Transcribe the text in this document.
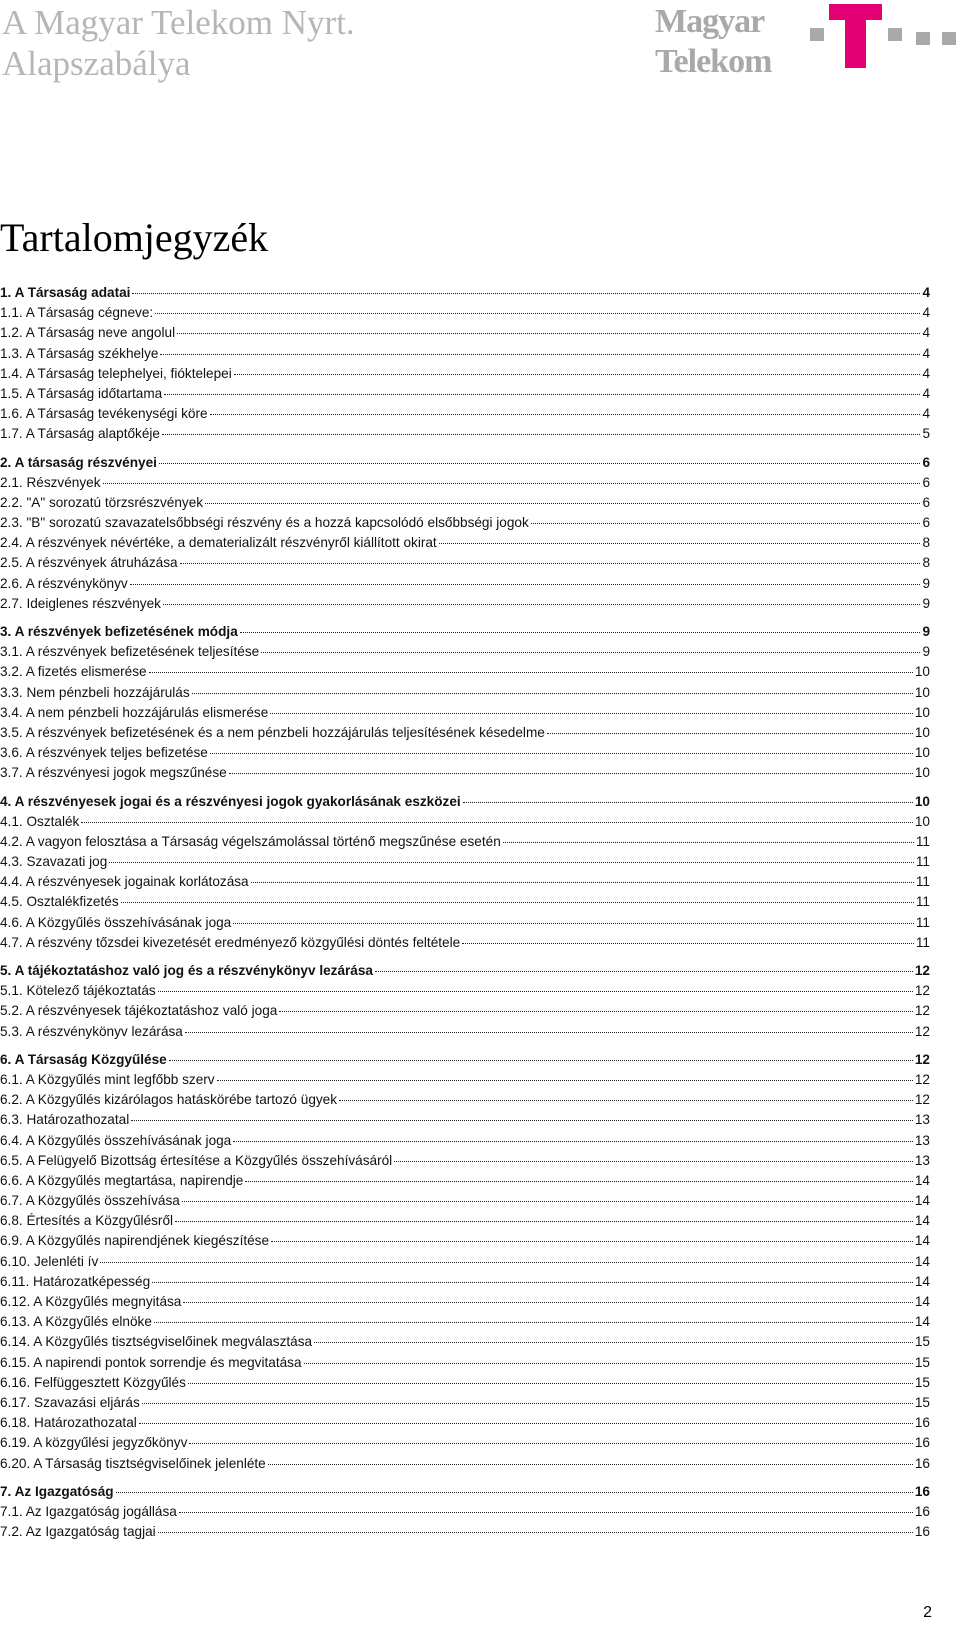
A Magyar Telekom Nyrt.
Alapszabálya
Magyar
Telekom
Tartalomjegyzék
1. A Társaság adatai	4
1.1. A Társaság cégneve:	4
1.2. A Társaság neve angolul	4
1.3. A Társaság székhelye	4
1.4. A Társaság telephelyei, fióktelepei	4
1.5. A Társaság időtartama	4
1.6. A Társaság tevékenységi köre	4
1.7. A Társaság alaptőkéje	5
2. A társaság részvényei	6
2.1. Részvények	6
2.2. "A" sorozatú törzsrészvények	6
2.3. "B" sorozatú szavazatelsőbbségi részvény és a hozzá kapcsolódó elsőbbségi jogok	6
2.4. A részvények névértéke, a dematerializált részvényről kiállított okirat	8
2.5. A részvények átruházása	8
2.6. A részvénykönyv	9
2.7. Ideiglenes részvények	9
3. A részvények befizetésének módja	9
3.1. A részvények befizetésének teljesítése	9
3.2. A fizetés elismerése	10
3.3. Nem pénzbeli hozzájárulás	10
3.4. A nem pénzbeli hozzájárulás elismerése	10
3.5. A részvények befizetésének és a nem pénzbeli hozzájárulás teljesítésének késedelme	10
3.6. A részvények teljes befizetése	10
3.7. A részvényesi jogok megszűnése	10
4. A részvényesek jogai és a részvényesi jogok gyakorlásának eszközei	10
4.1. Osztalék	10
4.2. A vagyon felosztása a Társaság végelszámolással történő megszűnése esetén	11
4.3. Szavazati jog	11
4.4. A részvényesek jogainak korlátozása	11
4.5. Osztalékfizetés	11
4.6. A Közgyűlés összehívásának joga	11
4.7. A részvény tőzsdei kivezetését eredményező közgyűlési döntés feltétele	11
5. A tájékoztatáshoz való jog és a részvénykönyv lezárása	12
5.1. Kötelező tájékoztatás	12
5.2. A részvényesek tájékoztatáshoz való joga	12
5.3. A részvénykönyv lezárása	12
6. A Társaság Közgyűlése	12
6.1. A Közgyűlés mint legfőbb szerv	12
6.2. A Közgyűlés kizárólagos hatáskörébe tartozó ügyek	12
6.3. Határozathozatal	13
6.4. A Közgyűlés összehívásának joga	13
6.5. A Felügyelő Bizottság értesítése a Közgyűlés összehívásáról	13
6.6. A Közgyűlés megtartása, napirendje	14
6.7. A Közgyűlés összehívása	14
6.8. Értesítés a Közgyűlésről	14
6.9. A Közgyűlés napirendjének kiegészítése	14
6.10. Jelenléti ív	14
6.11. Határozatképesség	14
6.12. A Közgyűlés megnyitása	14
6.13. A Közgyűlés elnöke	14
6.14. A Közgyűlés tisztségviselőinek megválasztása	15
6.15. A napirendi pontok sorrendje és megvitatása	15
6.16. Felfüggesztett Közgyűlés	15
6.17. Szavazási eljárás	15
6.18. Határozathozatal	16
6.19. A közgyűlési jegyzőkönyv	16
6.20. A Társaság tisztségviselőinek jelenléte	16
7. Az Igazgatóság	16
7.1. Az Igazgatóság jogállása	16
7.2. Az Igazgatóság tagjai	16
2
